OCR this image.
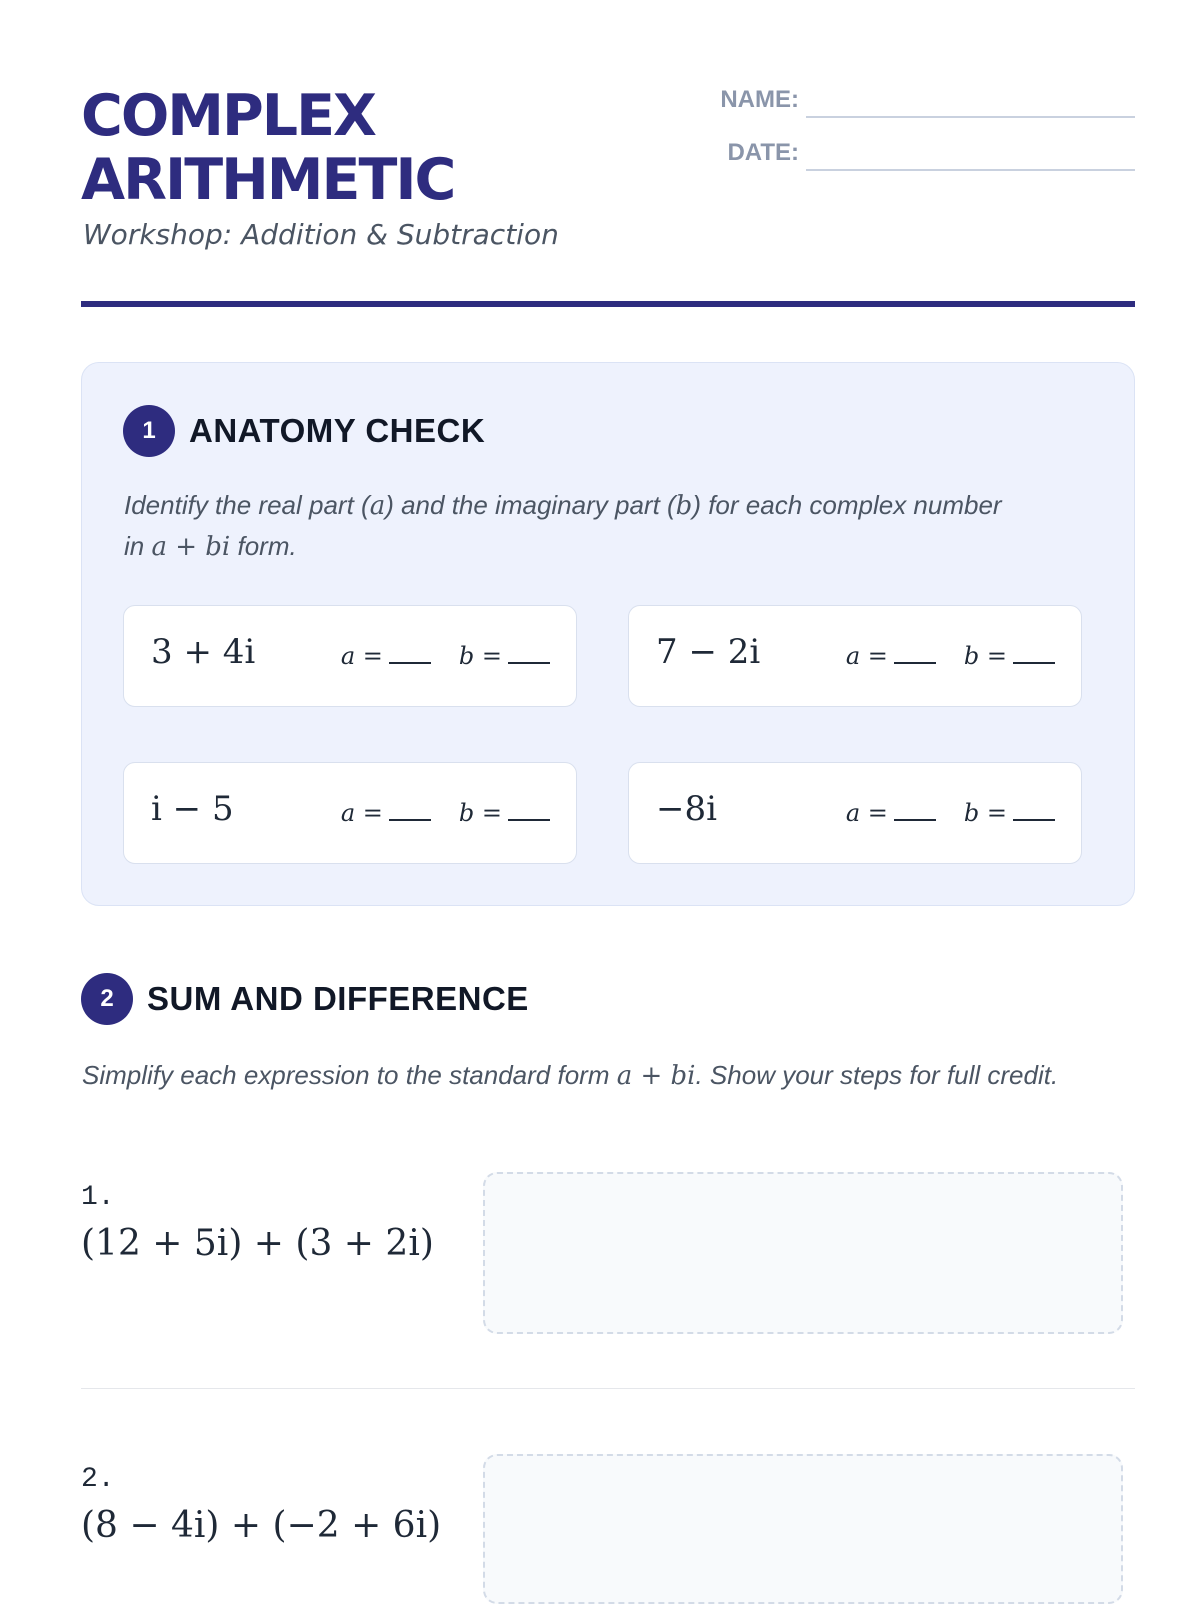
COMPLEX
ARITHMETIC
Workshop: Addition & Subtraction
NAME:
DATE:
1 ANATOMY CHECK

Identify the real part (a) and the imaginary part (b) for each complex number in a + bi form.

3 + 4i	a =	b =	7 − 2i	a =	b =
i − 5	a =	b =	−8i	a =	b =
2 SUM AND DIFFERENCE

Simplify each expression to the standard form a + bi. Show your steps for full credit.

1.
(12 + 5i) + (3 + 2i)
2.
(8 − 4i) + (−2 + 6i)
